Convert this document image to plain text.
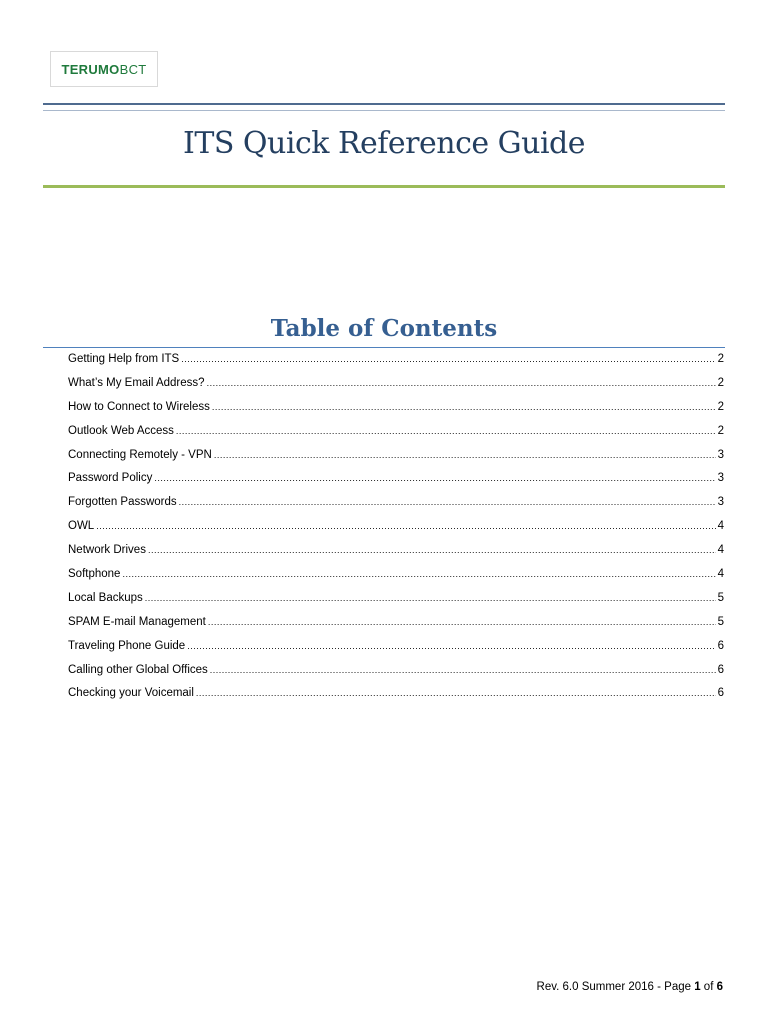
TERUMO BCT
ITS Quick Reference Guide
Table of Contents
Getting Help from ITS .....	2
What’s My Email Address? .....	2
How to Connect to Wireless .....	2
Outlook Web Access .....	2
Connecting Remotely - VPN .....	3
Password Policy .....	3
Forgotten Passwords .....	3
OWL .....	4
Network Drives .....	4
Softphone .....	4
Local Backups .....	5
SPAM E-mail Management .....	5
Traveling Phone Guide .....	6
Calling other Global Offices .....	6
Checking your Voicemail .....	6
Rev. 6.0 Summer 2016 - Page 1 of 6
